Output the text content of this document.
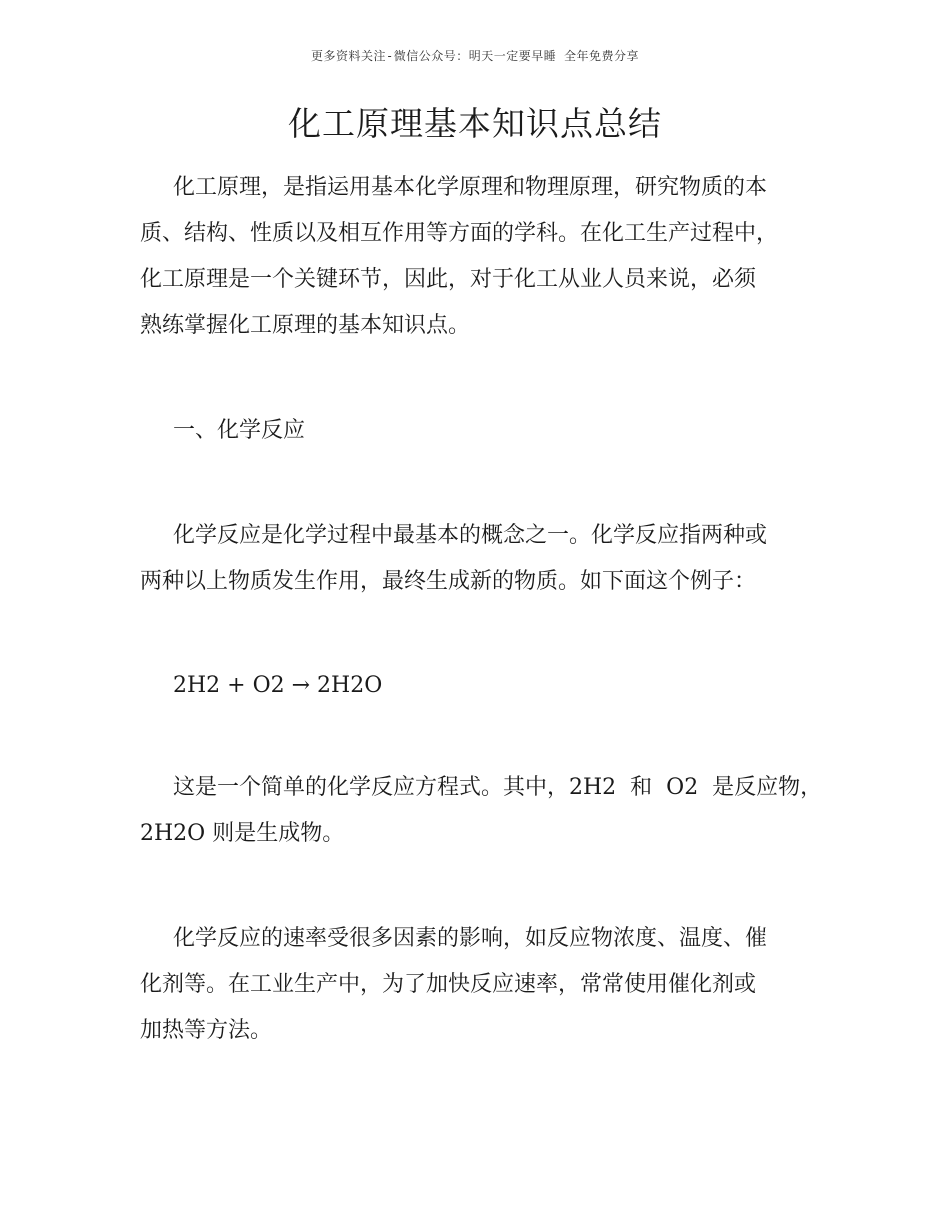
更多资料关注-微信公众号：明天一定要早睡 全年免费分享
化工原理基本知识点总结
化工原理，是指运用基本化学原理和物理原理，研究物质的本
质、结构、性质以及相互作用等方面的学科。在化工生产过程中，
化工原理是一个关键环节，因此，对于化工从业人员来说，必须
熟练掌握化工原理的基本知识点。
一、化学反应
化学反应是化学过程中最基本的概念之一。化学反应指两种或
两种以上物质发生作用，最终生成新的物质。如下面这个例子：
2H2 + O2 → 2H2O
这是一个简单的化学反应方程式。其中，2H2  和  O2  是反应物，
2H2O 则是生成物。
化学反应的速率受很多因素的影响，如反应物浓度、温度、催
化剂等。在工业生产中，为了加快反应速率，常常使用催化剂或
加热等方法。
